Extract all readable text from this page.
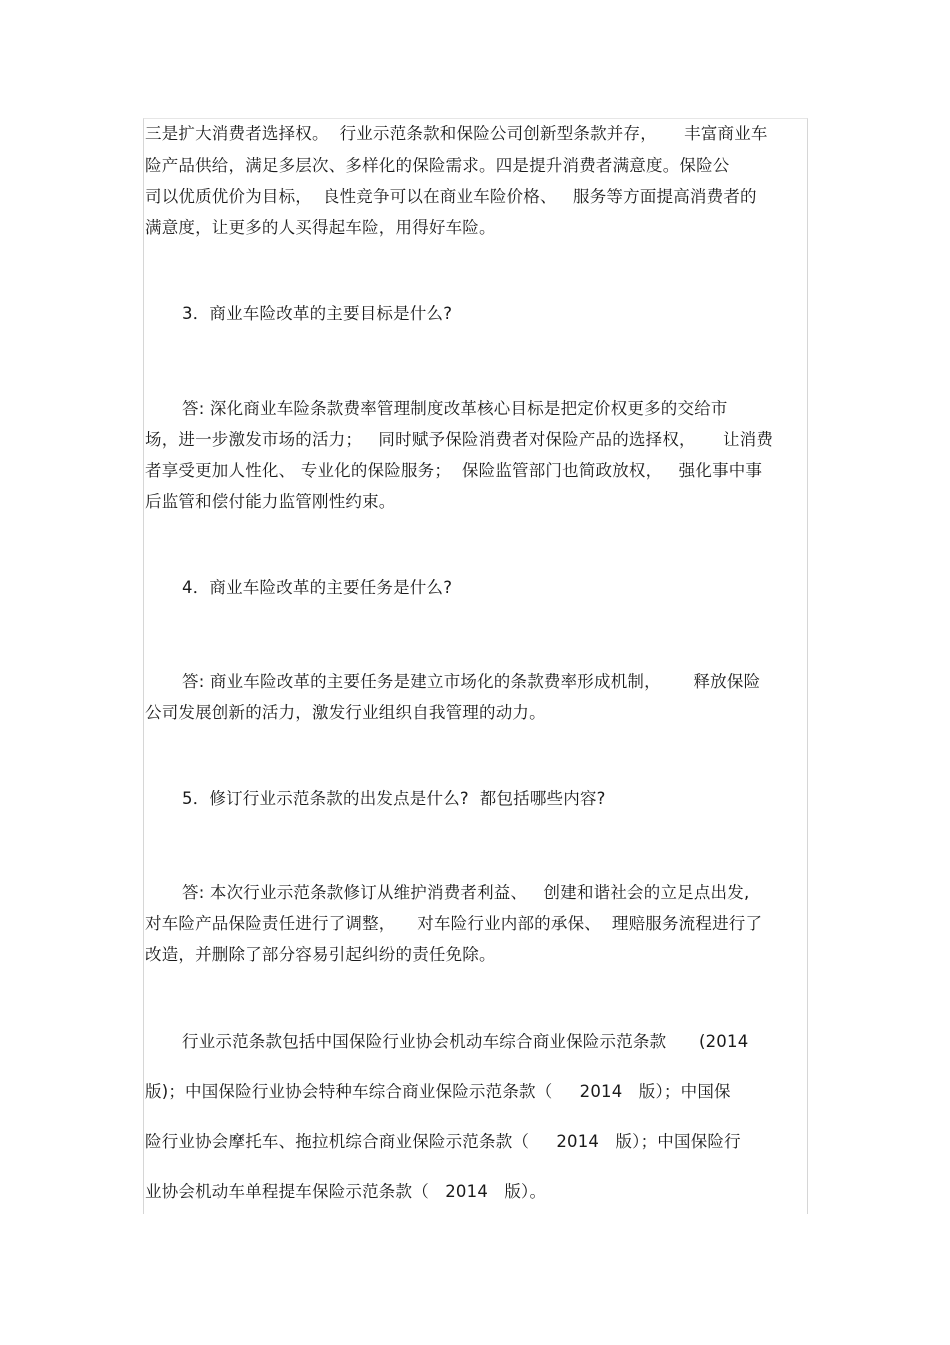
三是扩大消费者选择权。  行业示范条款和保险公司创新型条款并存，     丰富商业车
险产品供给，满足多层次、多样化的保险需求。四是提升消费者满意度。保险公
司以优质优价为目标，  良性竞争可以在商业车险价格、   服务等方面提高消费者的
满意度，让更多的人买得起车险，用得好车险。
3．商业车险改革的主要目标是什么?
答: 深化商业车险条款费率管理制度改革核心目标是把定价权更多的交给市
场，进一步激发市场的活力；   同时赋予保险消费者对保险产品的选择权，     让消费
者享受更加人性化、 专业化的保险服务；  保险监管部门也简政放权，   强化事中事
后监管和偿付能力监管刚性约束。
4．商业车险改革的主要任务是什么?
答: 商业车险改革的主要任务是建立市场化的条款费率形成机制，      释放保险
公司发展创新的活力，激发行业组织自我管理的动力。
5．修订行业示范条款的出发点是什么?  都包括哪些内容?
答: 本次行业示范条款修订从维护消费者利益、   创建和谐社会的立足点出发,
对车险产品保险责任进行了调整，    对车险行业内部的承保、  理赔服务流程进行了
改造，并删除了部分容易引起纠纷的责任免除。
行业示范条款包括中国保险行业协会机动车综合商业保险示范条款      (2014
版)；中国保险行业协会特种车综合商业保险示范条款（     2014   版）；中国保
险行业协会摩托车、拖拉机综合商业保险示范条款（     2014   版）；中国保险行
业协会机动车单程提车保险示范条款（   2014   版）。
